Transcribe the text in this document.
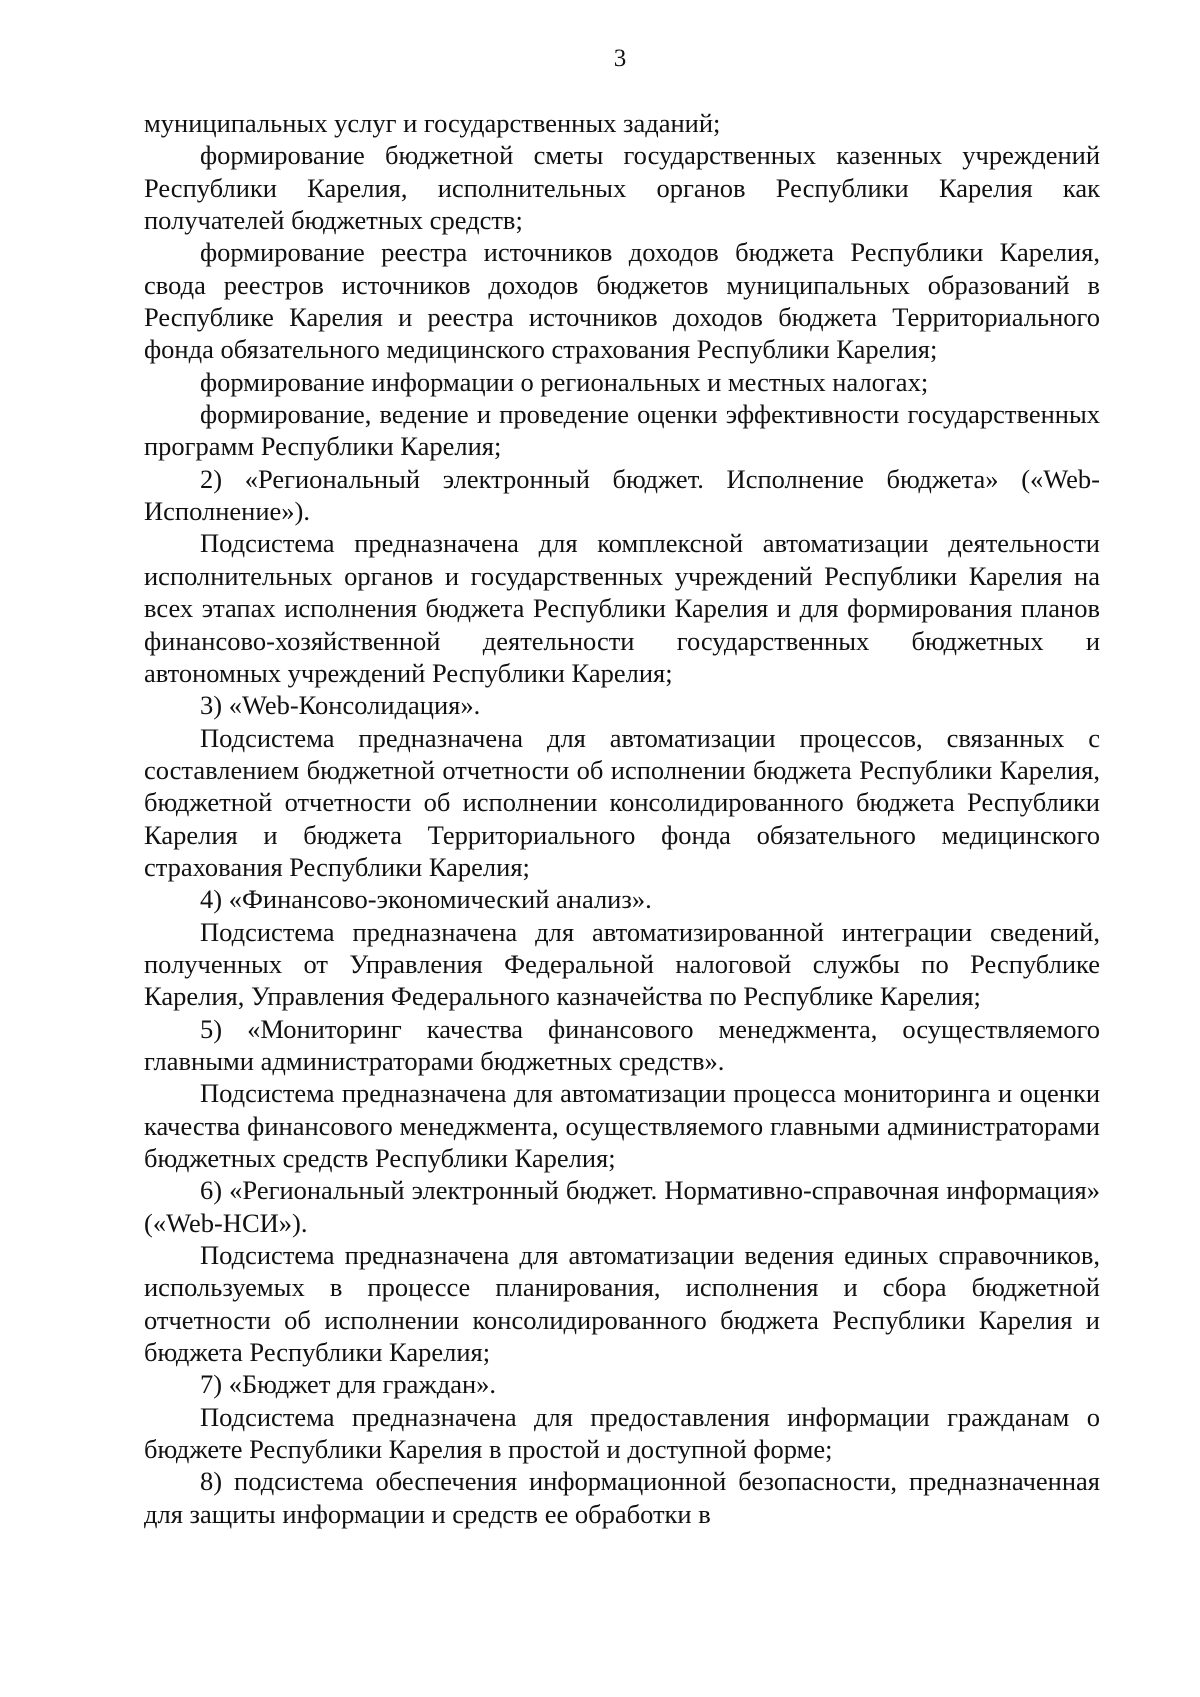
3

муниципальных услуг и государственных заданий;

формирование бюджетной сметы государственных казенных учреждений Республики Карелия, исполнительных органов Республики Карелия как получателей бюджетных средств;

формирование реестра источников доходов бюджета Республики Карелия, свода реестров источников доходов бюджетов муниципальных образований в Республике Карелия и реестра источников доходов бюджета Территориального фонда обязательного медицинского страхования Республики Карелия;

формирование информации о региональных и местных налогах;

формирование, ведение и проведение оценки эффективности государственных программ Республики Карелия;

2) «Региональный электронный бюджет. Исполнение бюджета» («Web-Исполнение»).

Подсистема предназначена для комплексной автоматизации деятельности исполнительных органов и государственных учреждений Республики Карелия на всех этапах исполнения бюджета Республики Карелия и для формирования планов финансово-хозяйственной деятельности государственных бюджетных и автономных учреждений Республики Карелия;

3) «Web-Консолидация».

Подсистема предназначена для автоматизации процессов, связанных с составлением бюджетной отчетности об исполнении бюджета Республики Карелия, бюджетной отчетности об исполнении консолидированного бюджета Республики Карелия и бюджета Территориального фонда обязательного медицинского страхования Республики Карелия;

4) «Финансово-экономический анализ».

Подсистема предназначена для автоматизированной интеграции сведений, полученных от Управления Федеральной налоговой службы по Республике Карелия, Управления Федерального казначейства по Республике Карелия;

5) «Мониторинг качества финансового менеджмента, осуществляемого главными администраторами бюджетных средств».

Подсистема предназначена для автоматизации процесса мониторинга и оценки качества финансового менеджмента, осуществляемого главными администраторами бюджетных средств Республики Карелия;

6) «Региональный электронный бюджет. Нормативно-справочная информация» («Web-НСИ»).

Подсистема предназначена для автоматизации ведения единых справочников, используемых в процессе планирования, исполнения и сбора бюджетной отчетности об исполнении консолидированного бюджета Республики Карелия и бюджета Республики Карелия;

7) «Бюджет для граждан».

Подсистема предназначена для предоставления информации гражданам о бюджете Республики Карелия в простой и доступной форме;

8) подсистема обеспечения информационной безопасности, предназначенная для защиты информации и средств ее обработки в
